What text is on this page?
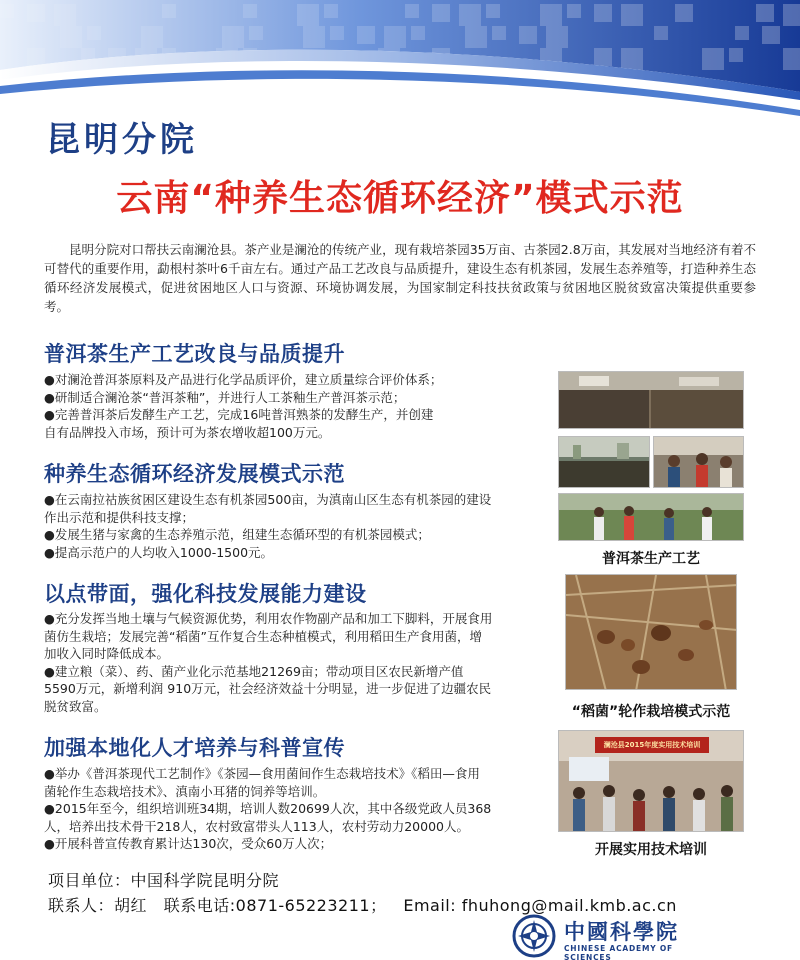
昆明分院
云南“种养生态循环经济”模式示范
昆明分院对口帮扶云南澜沧县。茶产业是澜沧的传统产业，现有栽培茶园35万亩、古茶园2.8万亩，其发展对当地经济有着不可替代的重要作用，勐根村茶叶6千亩左右。通过产品工艺改良与品质提升，建设生态有机茶园，发展生态养殖等，打造种养生态循环经济发展模式，促进贫困地区人口与资源、环境协调发展，为国家制定科技扶贫政策与贫困地区脱贫致富决策提供重要参考。
普洱茶生产工艺改良与品质提升

●对澜沧普洱茶原料及产品进行化学品质评价，建立质量综合评价体系；

●研制适合澜沧茶“普洱茶釉”，并进行人工茶釉生产普洱茶示范；

●完善普洱茶后发酵生产工艺，完成16吨普洱熟茶的发酵生产，并创建

自有品牌投入市场，预计可为茶农增收超100万元。

种养生态循环经济发展模式示范

●在云南拉祜族贫困区建设生态有机茶园500亩，为滇南山区生态有机茶园的建设

作出示范和提供科技支撑；

●发展生猪与家禽的生态养殖示范，组建生态循环型的有机茶园模式；

●提高示范户的人均收入1000-1500元。

以点带面，强化科技发展能力建设

●充分发挥当地土壤与气候资源优势，利用农作物副产品和加工下脚料，开展食用

菌仿生栽培；发展完善“稻菌”互作复合生态种植模式，利用稻田生产食用菌，增

加收入同时降低成本。

●建立粮（菜）、药、菌产业化示范基地21269亩；带动项目区农民新增产值

5590万元，新增利润 910万元，社会经济效益十分明显，进一步促进了边疆农民

脱贫致富。

加强本地化人才培养与科普宣传

●举办《普洱茶现代工艺制作》《茶园—食用菌间作生态栽培技术》《稻田—食用

菌轮作生态栽培技术》、滇南小耳猪的饲养等培训。

●2015年至今，组织培训班34期，培训人数20699人次，其中各级党政人员368

人，培养出技术骨干218人，农村致富带头人113人，农村劳动力20000人。

●开展科普宣传教育累计达130次，受众60万人次；

普洱茶生产工艺
“稻菌”轮作栽培模式示范
澜沧县2015年度实用技术培训
开展实用技术培训
项目单位：中国科学院昆明分院
联系人：胡红   联系电话:0871-65223211；   Email: fhuhong@mail.kmb.ac.cn
中國科學院
CHINESE ACADEMY OF SCIENCES
